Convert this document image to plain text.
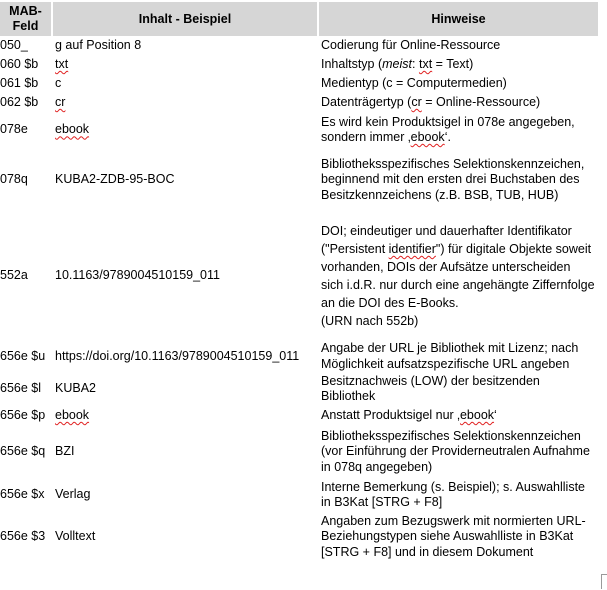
MAB-Feld	Inhalt - Beispiel	Hinweise
050_	g auf Position 8	Codierung für Online-Ressource
060 $b	txt	Inhaltstyp (meist: txt = Text)
061 $b	c	Medientyp (c = Computermedien)
062 $b	cr	Datenträgertyp (cr = Online-Ressource)
078e	ebook	Es wird kein Produktsigel in 078e angegeben, sondern immer ‚ebook‘.
078q	KUBA2-ZDB-95-BOC	Bibliotheksspezifisches Selektionskennzeichen, beginnend mit den ersten drei Buchstaben des Besitzkennzeichens (z.B. BSB, TUB, HUB)
552a	10.1163/9789004510159_011	DOI; eindeutiger und dauerhafter Identifikator ("Persistent identifier") für digitale Objekte soweit vorhanden, DOIs der Aufsätze unterscheiden sich i.d.R. nur durch eine angehängte Ziffernfolge an die DOI des E-Books.
(URN nach 552b)
656e $u	https://doi.org/10.1163/9789004510159_011	Angabe der URL je Bibliothek mit Lizenz; nach Möglichkeit aufsatzspezifische URL angeben
656e $l	KUBA2	Besitznachweis (LOW) der besitzenden Bibliothek
656e $p	ebook	Anstatt Produktsigel nur ‚ebook‘
656e $q	BZI	Bibliotheksspezifisches Selektionskennzeichen (vor Einführung der Providerneutralen Aufnahme in 078q angegeben)
656e $x	Verlag	Interne Bemerkung (s. Beispiel); s. Auswahlliste in B3Kat [STRG + F8]
656e $3	Volltext	Angaben zum Bezugswerk mit normierten URL-Beziehungstypen siehe Auswahlliste in B3Kat [STRG + F8] und in diesem Dokument
